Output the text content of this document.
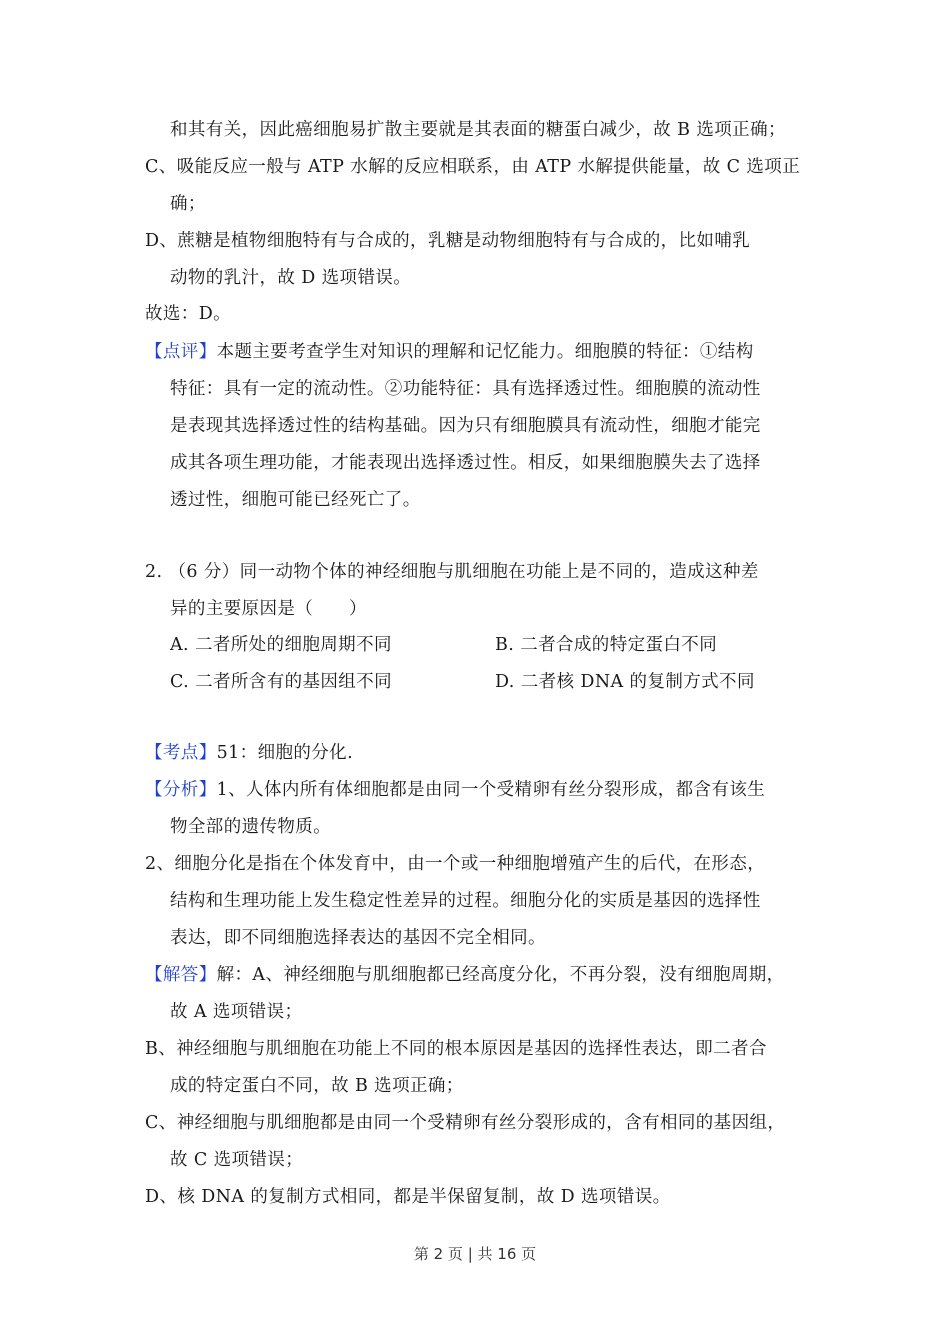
和其有关，因此癌细胞易扩散主要就是其表面的糖蛋白减少，故 B 选项正确；
C、吸能反应一般与 ATP 水解的反应相联系，由 ATP 水解提供能量，故 C 选项正
确；
D、蔗糖是植物细胞特有与合成的，乳糖是动物细胞特有与合成的，比如哺乳
动物的乳汁，故 D 选项错误。
故选：D。
【点评】本题主要考查学生对知识的理解和记忆能力。细胞膜的特征：①结构
特征：具有一定的流动性。②功能特征：具有选择透过性。细胞膜的流动性
是表现其选择透过性的结构基础。因为只有细胞膜具有流动性，细胞才能完
成其各项生理功能，才能表现出选择透过性。相反，如果细胞膜失去了选择
透过性，细胞可能已经死亡了。
2. （6 分）同一动物个体的神经细胞与肌细胞在功能上是不同的，造成这种差
异的主要原因是（　　）
A. 二者所处的细胞周期不同	B. 二者合成的特定蛋白不同
C. 二者所含有的基因组不同	D. 二者核 DNA 的复制方式不同
【考点】51：细胞的分化.
【分析】1、人体内所有体细胞都是由同一个受精卵有丝分裂形成，都含有该生
物全部的遗传物质。
2、细胞分化是指在个体发育中，由一个或一种细胞增殖产生的后代，在形态，
结构和生理功能上发生稳定性差异的过程。细胞分化的实质是基因的选择性
表达，即不同细胞选择表达的基因不完全相同。
【解答】解：A、神经细胞与肌细胞都已经高度分化，不再分裂，没有细胞周期，
故 A 选项错误；
B、神经细胞与肌细胞在功能上不同的根本原因是基因的选择性表达，即二者合
成的特定蛋白不同，故 B 选项正确；
C、神经细胞与肌细胞都是由同一个受精卵有丝分裂形成的，含有相同的基因组，
故 C 选项错误；
D、核 DNA 的复制方式相同，都是半保留复制，故 D 选项错误。
第 2 页 | 共 16 页
